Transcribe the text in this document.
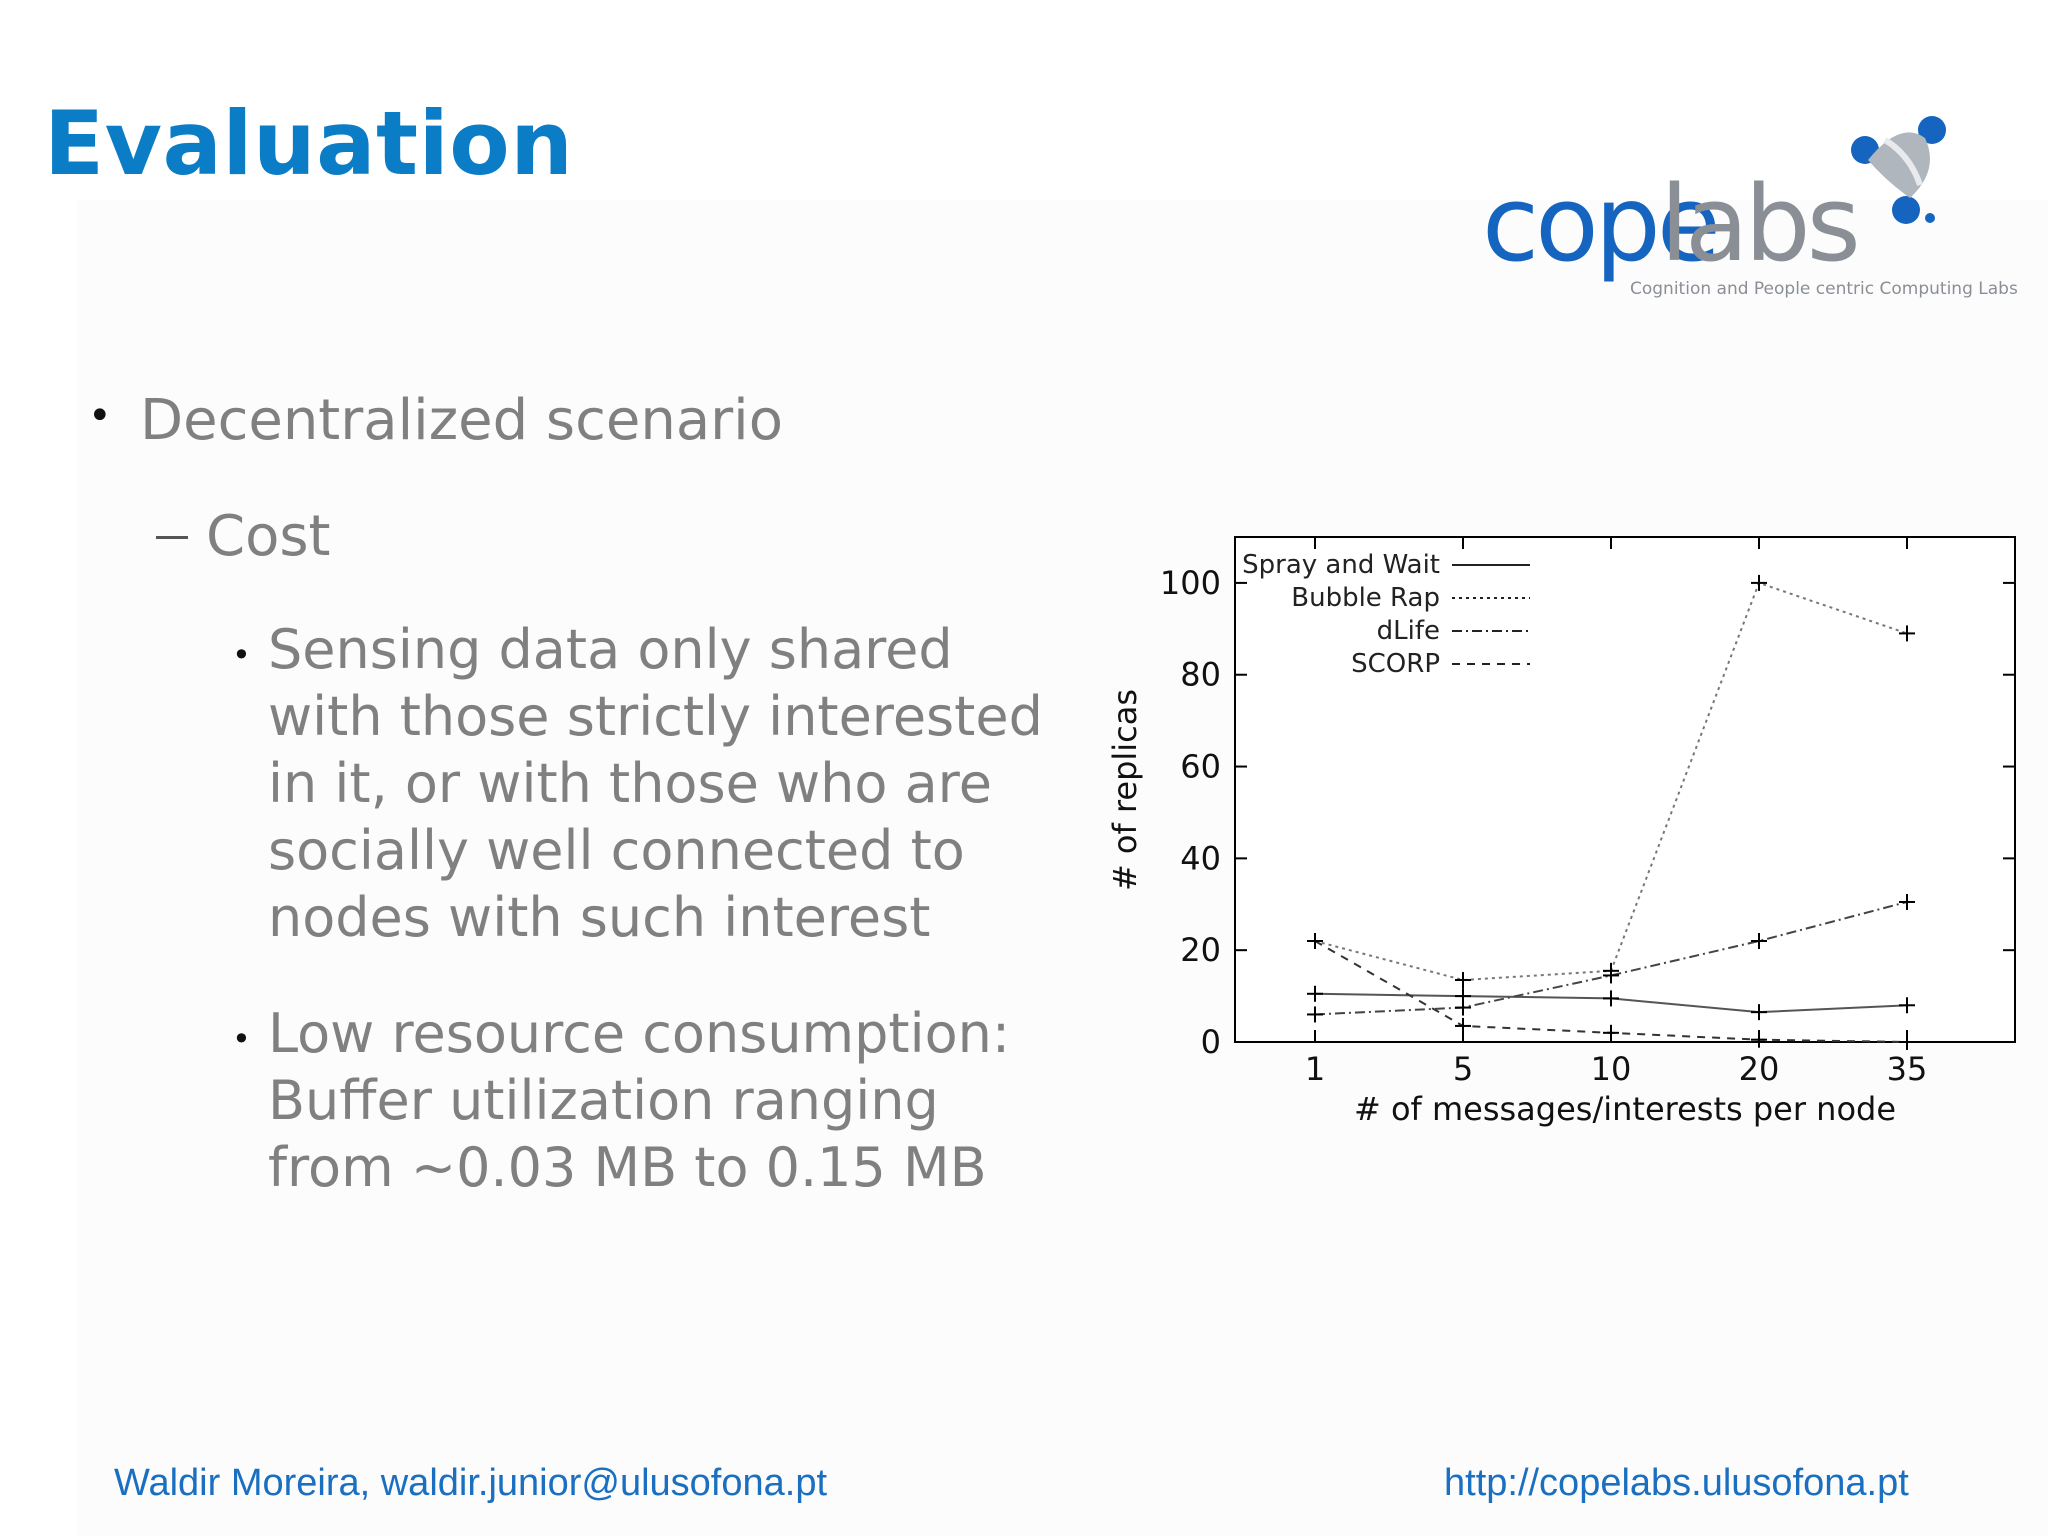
Evaluation
cope
labs
Cognition and People centric Computing Labs
• Decentralized scenario
Cost
• Sensing data only shared with those strictly interested in it, or with those who are socially well connected to nodes with such interest
• Low resource consumption: Buffer utilization ranging from ~0.03 MB to 0.15 MB
0
20
40
60
80
100
1	5	10	20	35
Spray and Wait
Bubble Rap
dLife
SCORP
# of messages/interests per node
# of replicas
Waldir Moreira, waldir.junior@ulusofona.pt	http://copelabs.ulusofona.pt
